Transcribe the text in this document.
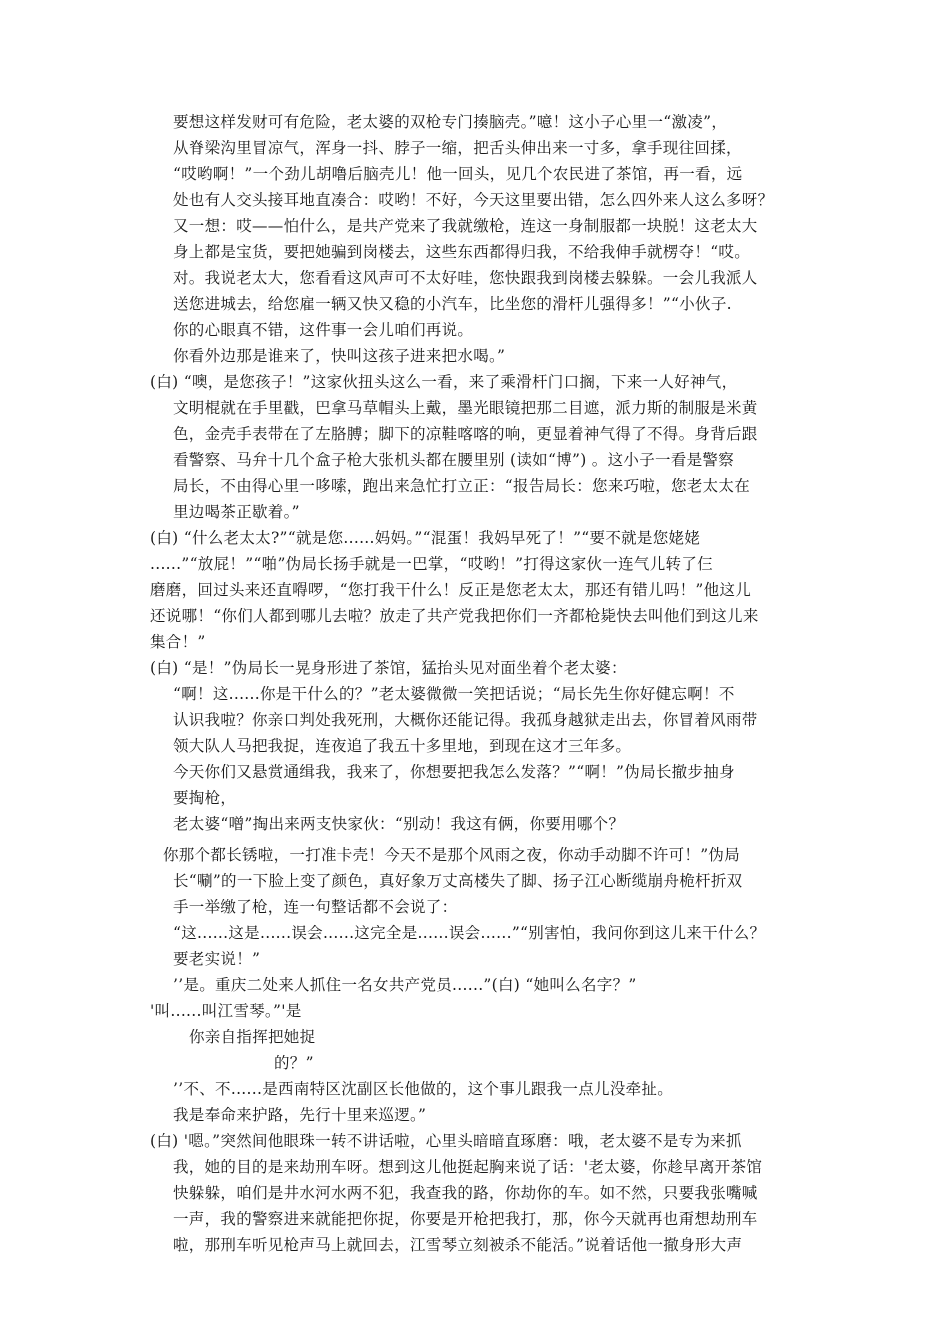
要想这样发财可有危险，老太婆的双枪专门揍脑壳。”噫！这小子心里一“激凌”，
从脊梁沟里冒凉气，浑身一抖、脖子一缩，把舌头伸出来一寸多，拿手现往回揉，
“哎哟啊！”一个劲儿胡噜后脑壳儿！他一回头，见几个农民进了茶馆，再一看，远
处也有人交头接耳地直凑合：哎哟！不好，今天这里要出错，怎么四外来人这么多呀？
又一想：哎——怕什么，是共产党来了我就缴枪，连这一身制服都一块脱！这老太大
身上都是宝货，要把她骗到岗楼去，这些东西都得归我，不给我伸手就楞夺！“哎。
对。我说老太大，您看看这风声可不太好哇，您快跟我到岗楼去躲躲。一会儿我派人
送您进城去，给您雇一辆又快又稳的小汽车，比坐您的滑杆儿强得多！”“小伙子.
你的心眼真不错，这件事一会儿咱们再说。
你看外边那是谁来了，快叫这孩子进来把水喝。”
(白) “噢，是您孩子！”这家伙扭头这么一看，来了乘滑杆门口搁，下来一人好神气，
文明棍就在手里戳，巴拿马草帽头上戴，墨光眼镜把那二目遮，派力斯的制服是米黄
色，金壳手表带在了左胳膊；脚下的凉鞋喀喀的响，更显着神气得了不得。身背后跟
看警察、马弁十几个盒子枪大张机头都在腰里别 (读如“博”) 。这小子一看是警察
局长，不由得心里一哆嗦，跑出来急忙打立正：“报告局长：您来巧啦，您老太太在
里边喝茶正歇着。”
(白) “什么老太太?”“就是您......妈妈。”“混蛋！我妈早死了！”“要不就是您姥姥
......”“放屁！”“啪”伪局长扬手就是一巴掌，“哎哟！”打得这家伙一连气儿转了仨
磨磨，回过头来还直嘚啰，“您打我干什么！反正是您老太太，那还有错儿吗！”他这儿
还说哪！“你们人都到哪儿去啦？放走了共产党我把你们一齐都枪毙快去叫他们到这儿来
集合！”
(白) “是！”伪局长一晃身形进了茶馆，猛抬头见对面坐着个老太婆：
“啊！这......你是干什么的？”老太婆微微一笑把话说；“局长先生你好健忘啊！不
认识我啦？你亲口判处我死刑，大概你还能记得。我孤身越狱走出去，你冒着风雨带
领大队人马把我捉，连夜追了我五十多里地，到现在这才三年多。
今天你们又悬赏通缉我，我来了，你想要把我怎么发落？”“啊！”伪局长撤步抽身
要掏枪，
老太婆“噌”掏出来两支快家伙：“别动！我这有俩，你要用哪个？
你那个都长锈啦，一打准卡壳！今天不是那个风雨之夜，你动手动脚不许可！”伪局
长“唰”的一下脸上变了颜色，真好象万丈高楼失了脚、扬子江心断缆崩舟桅杆折双
手一举缴了枪，连一句整话都不会说了：
“这......这是......误会......这完全是......误会......”“别害怕，我问你到这儿来干什么？
要老实说！”
’’是。重庆二处来人抓住一名女共产党员......”(白) “她叫么名字？”
'叫......叫江雪琴。”'是
你亲自指挥把她捉
的？”
’’不、不......是西南特区沈副区长他做的，这个事儿跟我一点儿没牵扯。
我是奉命来护路，先行十里来巡逻。”
(白) '嗯。”突然间他眼珠一转不讲话啦，心里头暗暗直琢磨：哦，老太婆不是专为来抓
我，她的目的是来劫刑车呀。想到这儿他挺起胸来说了话：'老太婆，你趁早离开茶馆
快躲躲，咱们是井水河水两不犯，我查我的路，你劫你的车。如不然，只要我张嘴喊
一声，我的警察进来就能把你捉，你要是开枪把我打，那，你今天就再也甭想劫刑车
啦，那刑车听见枪声马上就回去，江雪琴立刻被杀不能活。”说着话他一撤身形大声
